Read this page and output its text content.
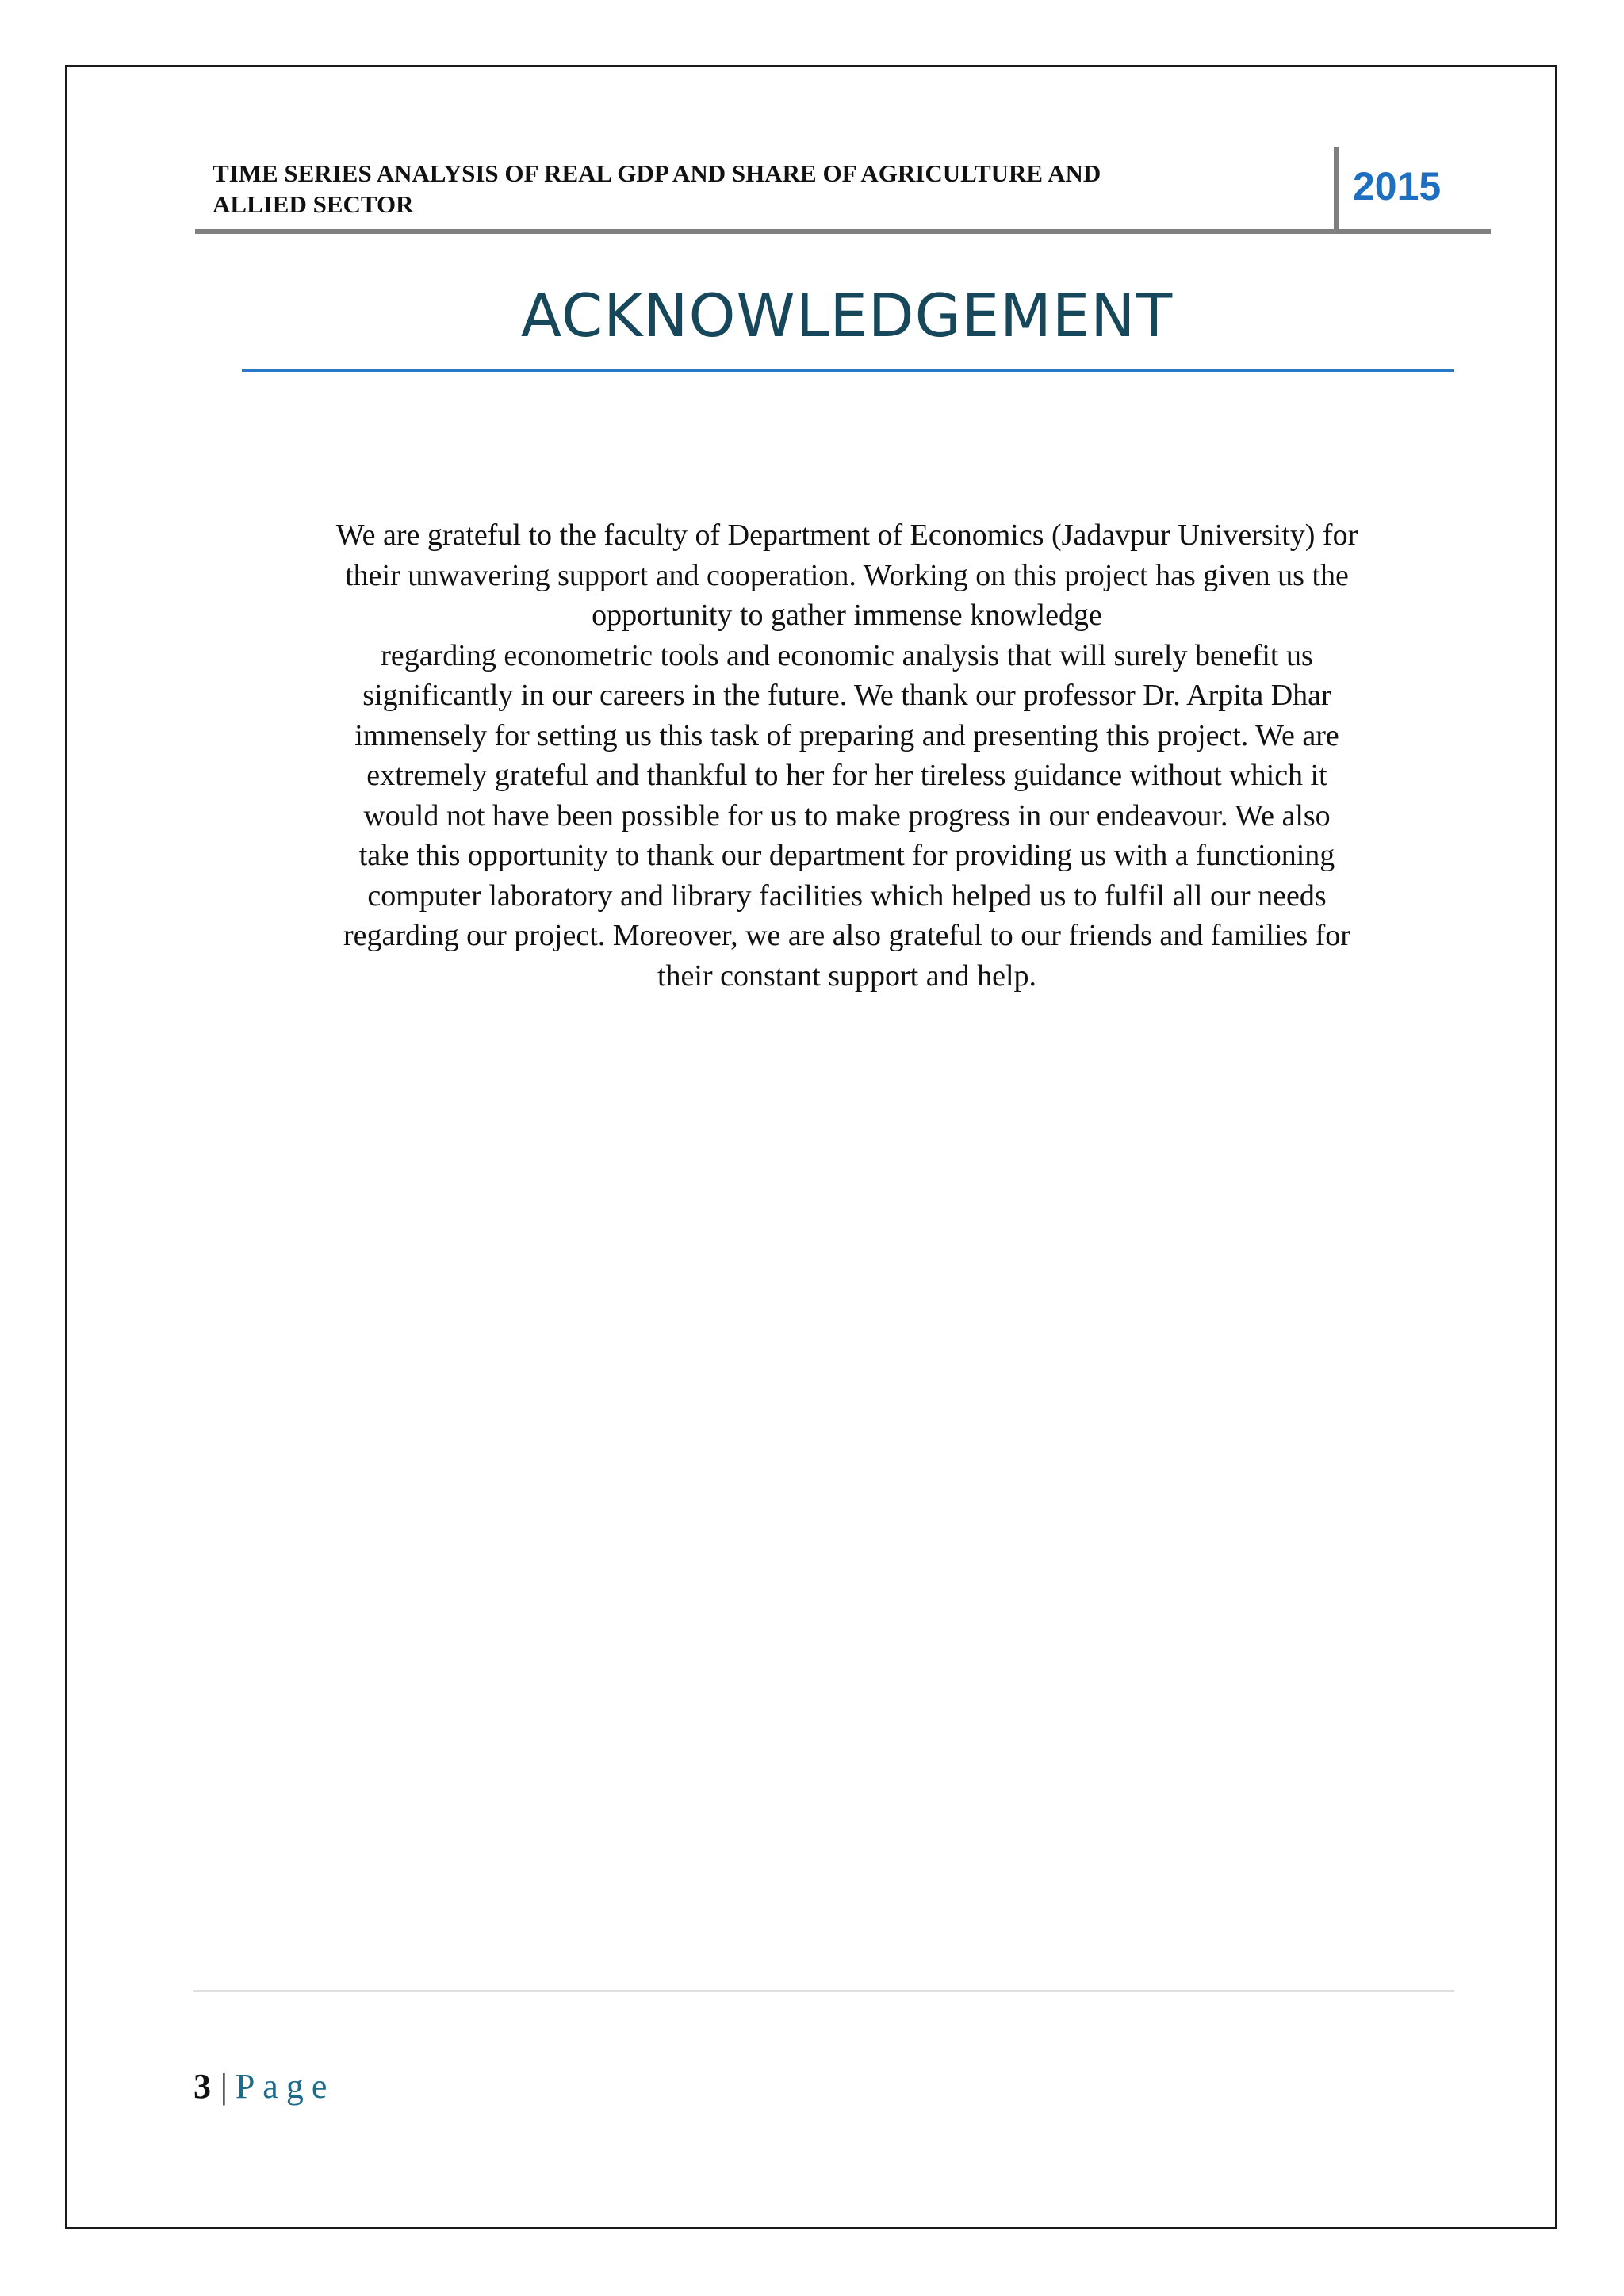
TIME SERIES ANALYSIS OF REAL GDP AND SHARE OF AGRICULTURE AND
ALLIED SECTOR	2015
ACKNOWLEDGEMENT
We are grateful to the faculty of Department of Economics (Jadavpur University) for
their unwavering support and cooperation. Working on this project has given us the
opportunity to gather immense knowledge
regarding econometric tools and economic analysis that will surely benefit us
significantly in our careers in the future. We thank our professor Dr. Arpita Dhar
immensely for setting us this task of preparing and presenting this project. We are
extremely grateful and thankful to her for her tireless guidance without which it
would not have been possible for us to make progress in our endeavour. We also
take this opportunity to thank our department for providing us with a functioning
computer laboratory and library facilities which helped us to fulfil all our needs
regarding our project. Moreover, we are also grateful to our friends and families for
their constant support and help.
3 | Page
